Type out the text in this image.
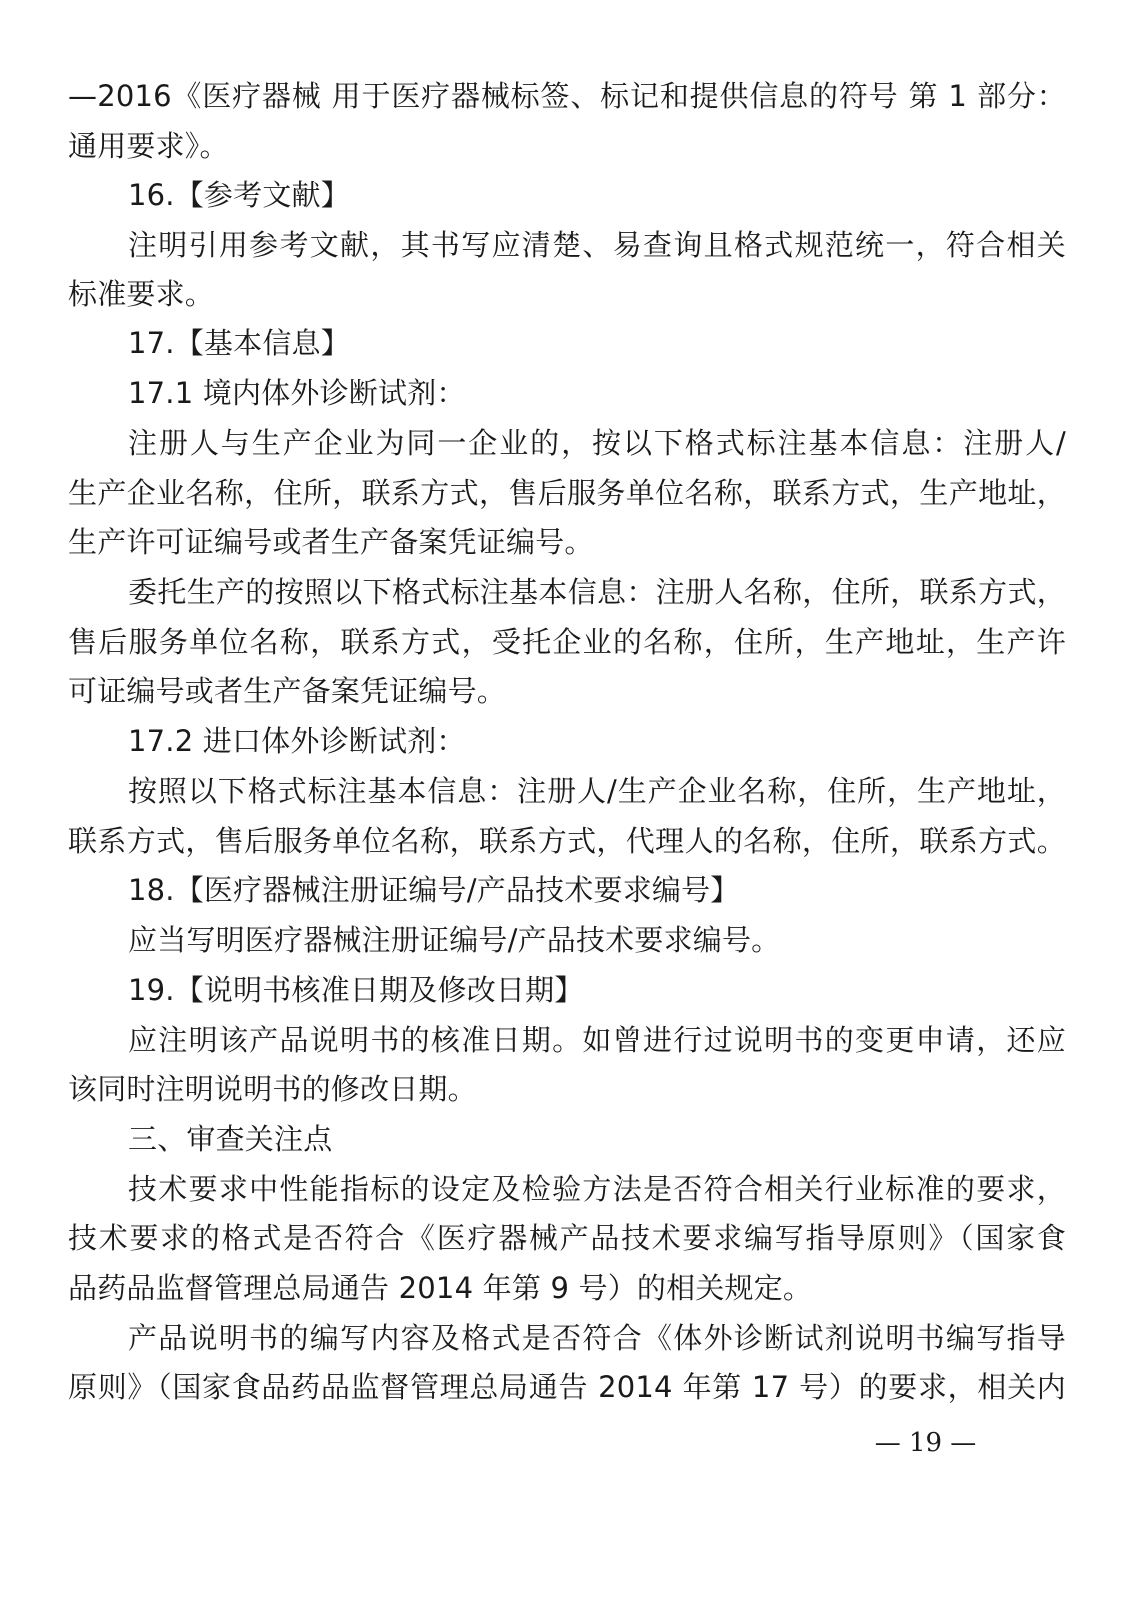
—2016《医疗器械 用于医疗器械标签、标记和提供信息的符号 第 1 部分：
通用要求》。
16.【参考文献】
注明引用参考文献，其书写应清楚、易查询且格式规范统一，符合相关
标准要求。
17.【基本信息】
17.1 境内体外诊断试剂：
注册人与生产企业为同一企业的，按以下格式标注基本信息：注册人/
生产企业名称，住所，联系方式，售后服务单位名称，联系方式，生产地址，
生产许可证编号或者生产备案凭证编号。
委托生产的按照以下格式标注基本信息：注册人名称，住所，联系方式，
售后服务单位名称，联系方式，受托企业的名称，住所，生产地址，生产许
可证编号或者生产备案凭证编号。
17.2 进口体外诊断试剂：
按照以下格式标注基本信息：注册人/生产企业名称，住所，生产地址，
联系方式，售后服务单位名称，联系方式，代理人的名称，住所，联系方式。
18.【医疗器械注册证编号/产品技术要求编号】
应当写明医疗器械注册证编号/产品技术要求编号。
19.【说明书核准日期及修改日期】
应注明该产品说明书的核准日期。如曾进行过说明书的变更申请，还应
该同时注明说明书的修改日期。
三、审查关注点
技术要求中性能指标的设定及检验方法是否符合相关行业标准的要求，
技术要求的格式是否符合《医疗器械产品技术要求编写指导原则》（国家食
品药品监督管理总局通告 2014 年第 9 号）的相关规定。
产品说明书的编写内容及格式是否符合《体外诊断试剂说明书编写指导
原则》（国家食品药品监督管理总局通告 2014 年第 17 号）的要求，相关内
— 19 —
